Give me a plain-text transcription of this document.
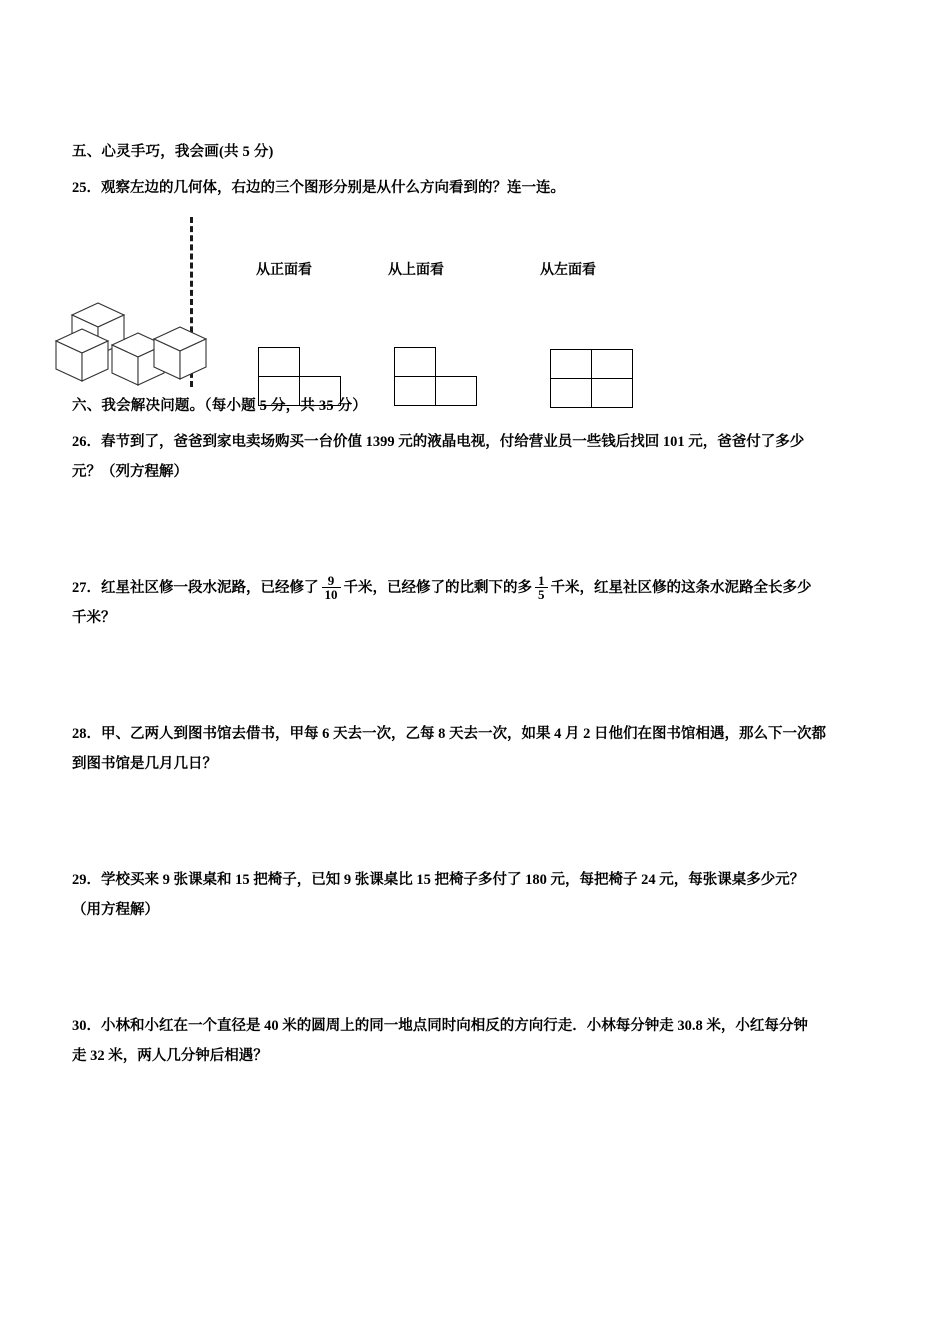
五、心灵手巧，我会画(共 5 分)

25．观察左边的几何体，右边的三个图形分别是从什么方向看到的？连一连。

从正面看	从上面看	从左面看

六、我会解决问题。（每小题 5 分，共 35 分）

26．春节到了，爸爸到家电卖场购买一台价值 1399 元的液晶电视，付给营业员一些钱后找回 101 元，爸爸付了多少
元？（列方程解）

27．红星社区修一段水泥路，已经修了 $\frac{9}{10}$ 千米，已经修了的比剩下的多 $\frac{1}{5}$ 千米，红星社区修的这条水泥路全长多少
千米？

28．甲、乙两人到图书馆去借书，甲每 6 天去一次，乙每 8 天去一次，如果 4 月 2 日他们在图书馆相遇，那么下一次都
到图书馆是几月几日？

29．学校买来 9 张课桌和 15 把椅子，已知 9 张课桌比 15 把椅子多付了 180 元，每把椅子 24 元，每张课桌多少元？
（用方程解）

30．小林和小红在一个直径是 40 米的圆周上的同一地点同时向相反的方向行走．小林每分钟走 30.8 米，小红每分钟
走 32 米，两人几分钟后相遇？
